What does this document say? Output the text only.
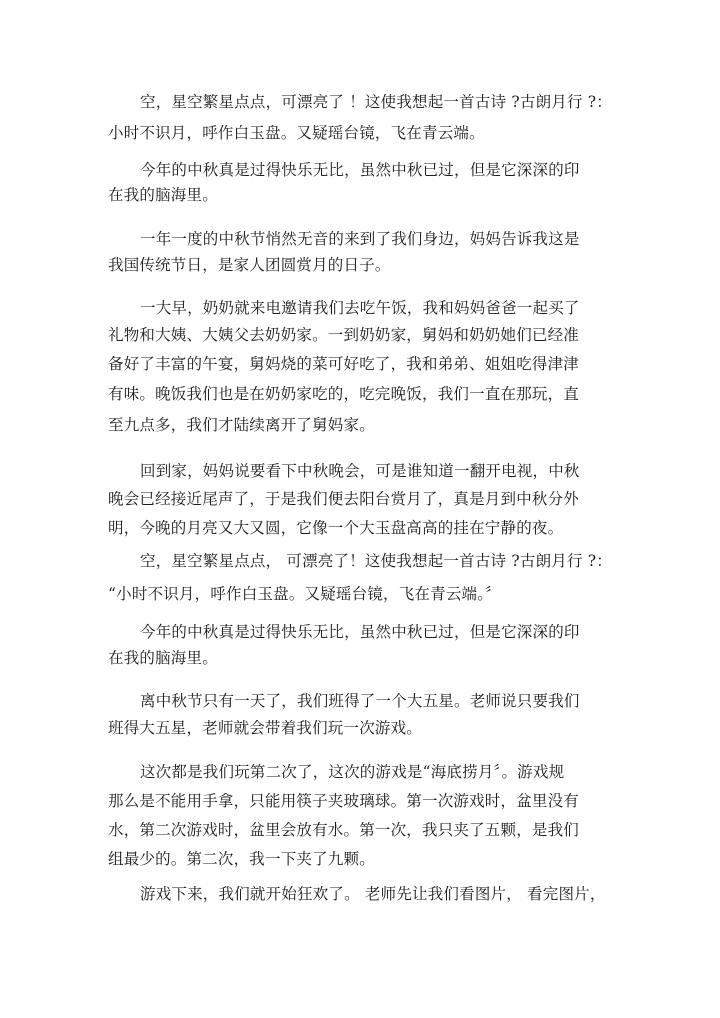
空，星空繁星点点，可漂亮了 ！这使我想起一首古诗 ?古朗月行 ?：
小时不识月，呼作白玉盘。又疑瑶台镜，飞在青云端。
今年的中秋真是过得快乐无比，虽然中秋已过，但是它深深的印
在我的脑海里。
一年一度的中秋节悄然无音的来到了我们身边，妈妈告诉我这是
我国传统节日，是家人团圆赏月的日子。
一大早，奶奶就来电邀请我们去吃午饭，我和妈妈爸爸一起买了
礼物和大姨、大姨父去奶奶家。一到奶奶家，舅妈和奶奶她们已经准
备好了丰富的午宴，舅妈烧的菜可好吃了，我和弟弟、姐姐吃得津津
有味。晚饭我们也是在奶奶家吃的，吃完晚饭，我们一直在那玩，直
至九点多，我们才陆续离开了舅妈家。
回到家，妈妈说要看下中秋晚会，可是谁知道一翻开电视，中秋
晚会已经接近尾声了，于是我们便去阳台赏月了，真是月到中秋分外
明，今晚的月亮又大又圆，它像一个大玉盘高高的挂在宁静的夜。
空，星空繁星点点， 可漂亮了！这使我想起一首古诗 ?古朗月行 ?：
“小时不识月，呼作白玉盘。又疑瑶台镜，飞在青云端。〞
今年的中秋真是过得快乐无比，虽然中秋已过，但是它深深的印
在我的脑海里。
离中秋节只有一天了，我们班得了一个大五星。老师说只要我们
班得大五星，老师就会带着我们玩一次游戏。
这次都是我们玩第二次了，这次的游戏是“海底捞月〞。游戏规
那么是不能用手拿，只能用筷子夹玻璃球。第一次游戏时，盆里没有
水，第二次游戏时，盆里会放有水。第一次，我只夹了五颗，是我们
组最少的。第二次，我一下夹了九颗。
游戏下来，我们就开始狂欢了。 老师先让我们看图片， 看完图片，
